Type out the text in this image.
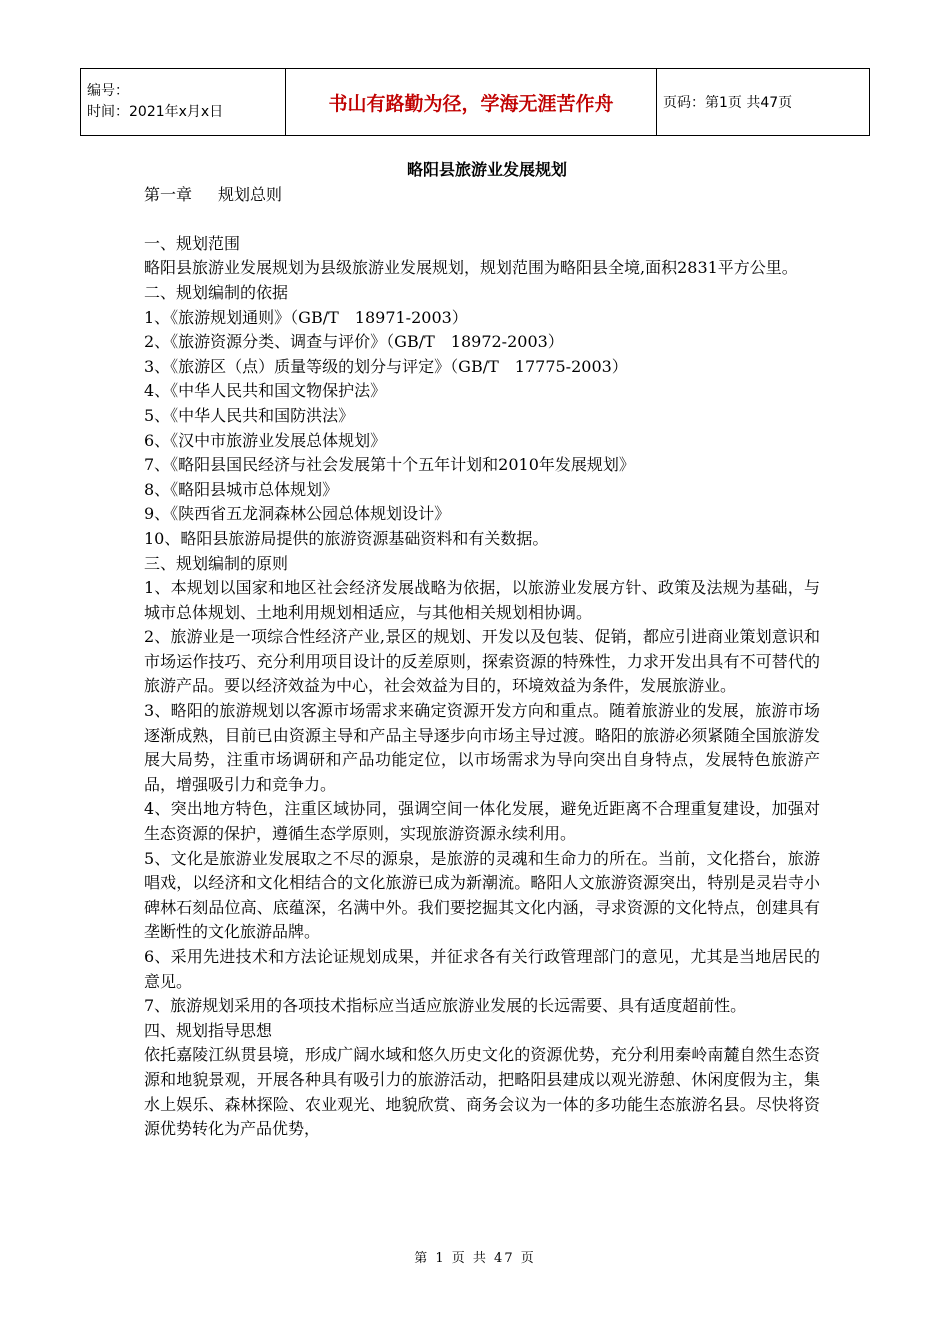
编号：
时间：2021年x月x日	书山有路勤为径，学海无涯苦作舟	页码：第1页 共47页
略阳县旅游业发展规划
第一章 规划总则

一、规划范围

略阳县旅游业发展规划为县级旅游业发展规划，规划范围为略阳县全境,面积2831平方公里。

二、规划编制的依据

1、《旅游规划通则》（GB/T　18971-2003）

2、《旅游资源分类、调查与评价》（GB/T　18972-2003）

3、《旅游区（点）质量等级的划分与评定》（GB/T　17775-2003）

4、《中华人民共和国文物保护法》

5、《中华人民共和国防洪法》

6、《汉中市旅游业发展总体规划》

7、《略阳县国民经济与社会发展第十个五年计划和2010年发展规划》

8、《略阳县城市总体规划》

9、《陕西省五龙洞森林公园总体规划设计》

10、略阳县旅游局提供的旅游资源基础资料和有关数据。

三、规划编制的原则

1、本规划以国家和地区社会经济发展战略为依据，以旅游业发展方针、政策及法规为基础，与城市总体规划、土地利用规划相适应，与其他相关规划相协调。

2、旅游业是一项综合性经济产业,景区的规划、开发以及包装、促销，都应引进商业策划意识和市场运作技巧、充分利用项目设计的反差原则，探索资源的特殊性，力求开发出具有不可替代的旅游产品。要以经济效益为中心，社会效益为目的，环境效益为条件，发展旅游业。

3、略阳的旅游规划以客源市场需求来确定资源开发方向和重点。随着旅游业的发展，旅游市场逐渐成熟，目前已由资源主导和产品主导逐步向市场主导过渡。略阳的旅游必须紧随全国旅游发展大局势，注重市场调研和产品功能定位，以市场需求为导向突出自身特点，发展特色旅游产品，增强吸引力和竞争力。

4、突出地方特色，注重区域协同，强调空间一体化发展，避免近距离不合理重复建设，加强对生态资源的保护，遵循生态学原则，实现旅游资源永续利用。

5、文化是旅游业发展取之不尽的源泉，是旅游的灵魂和生命力的所在。当前，文化搭台，旅游唱戏，以经济和文化相结合的文化旅游已成为新潮流。略阳人文旅游资源突出，特别是灵岩寺小碑林石刻品位高、底蕴深，名满中外。我们要挖掘其文化内涵，寻求资源的文化特点，创建具有垄断性的文化旅游品牌。

6、采用先进技术和方法论证规划成果，并征求各有关行政管理部门的意见，尤其是当地居民的意见。

7、旅游规划采用的各项技术指标应当适应旅游业发展的长远需要、具有适度超前性。

四、规划指导思想

依托嘉陵江纵贯县境，形成广阔水域和悠久历史文化的资源优势，充分利用秦岭南麓自然生态资源和地貌景观，开展各种具有吸引力的旅游活动，把略阳县建成以观光游憩、休闲度假为主，集水上娱乐、森林探险、农业观光、地貌欣赏、商务会议为一体的多功能生态旅游名县。尽快将资源优势转化为产品优势，

第 1 页 共 47 页
